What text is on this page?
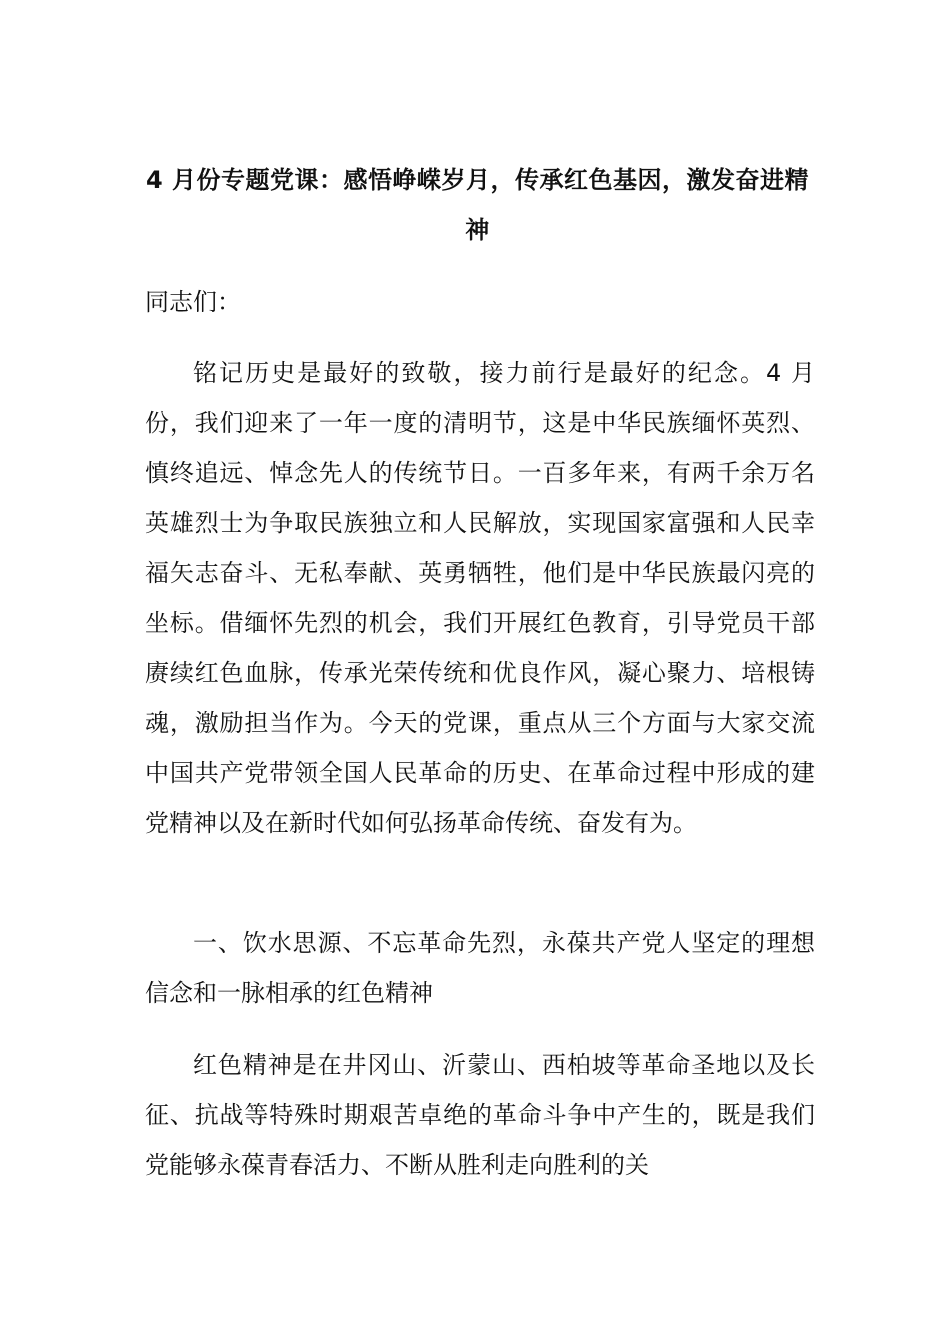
4 月份专题党课：感悟峥嵘岁月，传承红色基因，激发奋进精神
同志们：

铭记历史是最好的致敬，接力前行是最好的纪念。4 月份，我们迎来了一年一度的清明节，这是中华民族缅怀英烈、慎终追远、悼念先人的传统节日。一百多年来，有两千余万名英雄烈士为争取民族独立和人民解放，实现国家富强和人民幸福矢志奋斗、无私奉献、英勇牺牲，他们是中华民族最闪亮的坐标。借缅怀先烈的机会，我们开展红色教育，引导党员干部赓续红色血脉，传承光荣传统和优良作风，凝心聚力、培根铸魂，激励担当作为。今天的党课，重点从三个方面与大家交流中国共产党带领全国人民革命的历史、在革命过程中形成的建党精神以及在新时代如何弘扬革命传统、奋发有为。

一、饮水思源、不忘革命先烈，永葆共产党人坚定的理想信念和一脉相承的红色精神

红色精神是在井冈山、沂蒙山、西柏坡等革命圣地以及长征、抗战等特殊时期艰苦卓绝的革命斗争中产生的，既是我们党能够永葆青春活力、不断从胜利走向胜利的关
